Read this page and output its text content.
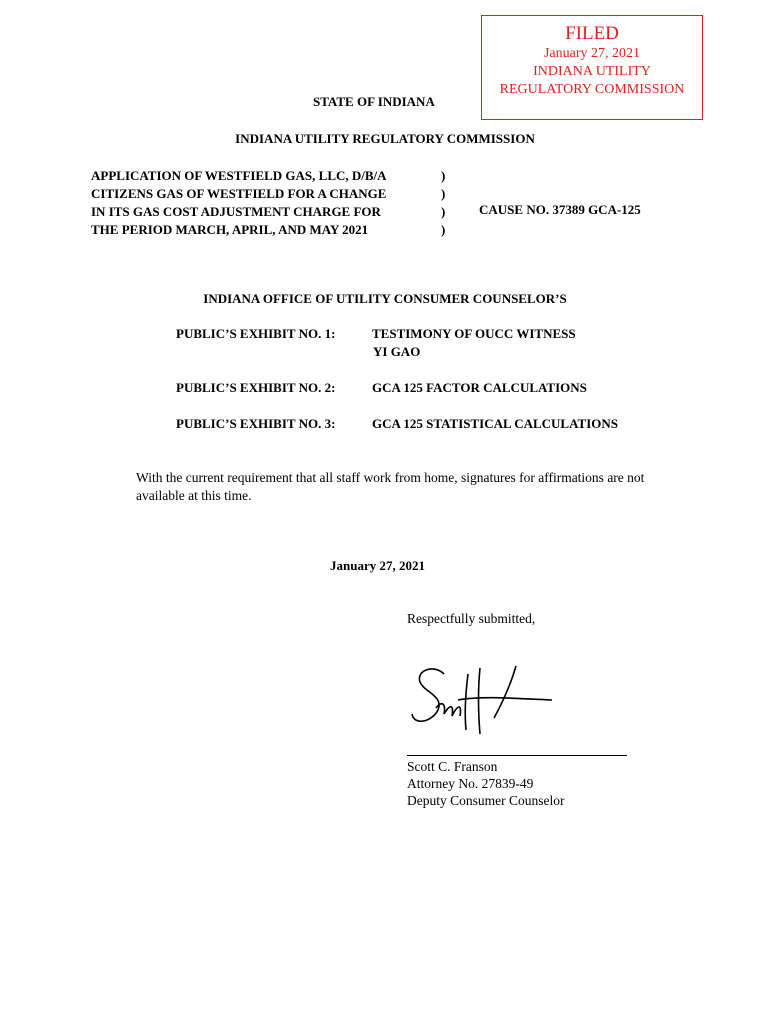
FILED
January 27, 2021
INDIANA UTILITY
REGULATORY COMMISSION
STATE OF INDIANA
INDIANA UTILITY REGULATORY COMMISSION
APPLICATION OF WESTFIELD GAS, LLC, D/B/A	)
CITIZENS GAS OF WESTFIELD FOR A CHANGE	)
IN ITS GAS COST ADJUSTMENT CHARGE FOR	)
THE PERIOD MARCH, APRIL, AND MAY 2021	)
CAUSE NO. 37389 GCA-125
INDIANA OFFICE OF UTILITY CONSUMER COUNSELOR’S
PUBLIC’S EXHIBIT NO. 1:	TESTIMONY OF OUCC WITNESS
YI GAO
PUBLIC’S EXHIBIT NO. 2:	GCA 125 FACTOR CALCULATIONS
PUBLIC’S EXHIBIT NO. 3:	GCA 125 STATISTICAL CALCULATIONS
With the current requirement that all staff work from home, signatures for affirmations are not available at this time.
January 27, 2021
Respectfully submitted,
Scott C. Franson
Attorney No. 27839-49
Deputy Consumer Counselor
